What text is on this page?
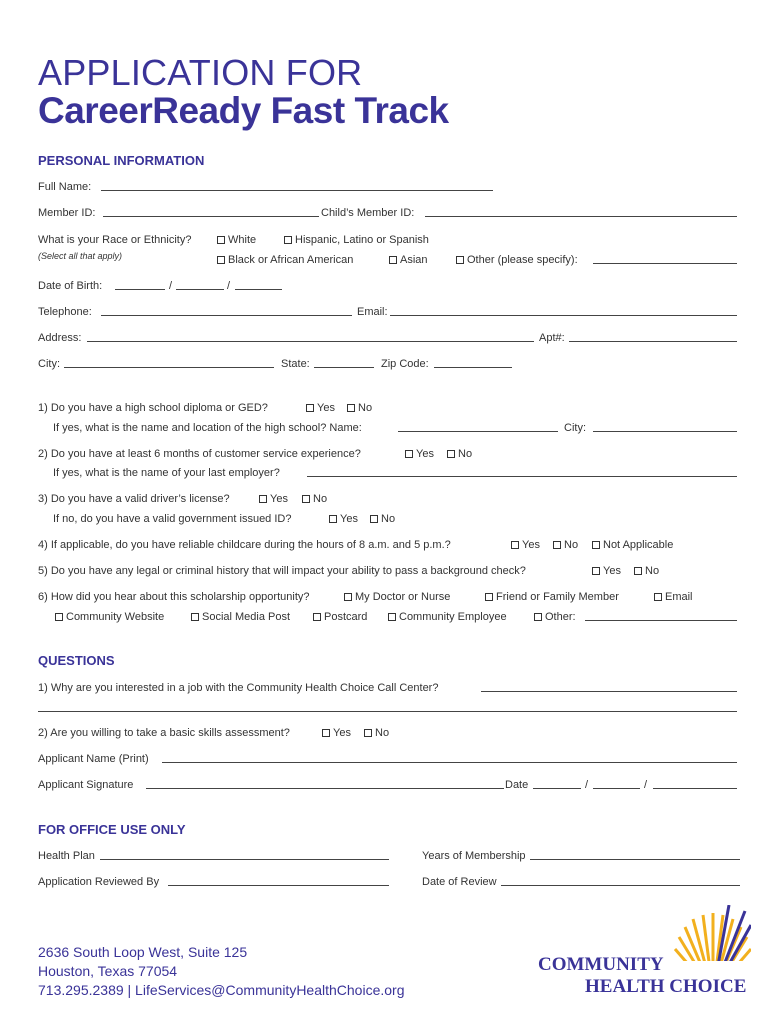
APPLICATION FOR
CareerReady Fast Track
PERSONAL INFORMATION
Full Name:
Member ID:	Child’s Member ID:
What is your Race or Ethnicity?
(Select all that apply)
White	Hispanic, Latino or Spanish
Black or African American	Asian	Other (please specify):
Date of Birth:	/	/
Telephone:	Email:
Address:	Apt#:
City:	State:	Zip Code:
1) Do you have a high school diploma or GED?	Yes	No
If yes, what is the name and location of the high school? Name:	City:
2) Do you have at least 6 months of customer service experience?	Yes	No
If yes, what is the name of your last employer?
3) Do you have a valid driver’s license?	Yes	No
If no, do you have a valid government issued ID?	Yes	No
4) If applicable, do you have reliable childcare during the hours of 8 a.m. and 5 p.m.?	Yes	No	Not Applicable
5) Do you have any legal or criminal history that will impact your ability to pass a background check?	Yes	No
6) How did you hear about this scholarship opportunity?	My Doctor or Nurse	Friend or Family Member	Email
Community Website	Social Media Post	Postcard	Community Employee	Other:
QUESTIONS
1) Why are you interested in a job with the Community Health Choice Call Center?
2) Are you willing to take a basic skills assessment?	Yes	No
Applicant Name (Print)
Applicant Signature	Date	/	/
FOR OFFICE USE ONLY
Health Plan	Years of Membership
Application Reviewed By	Date of Review
2636 South Loop West, Suite 125
Houston, Texas 77054
713.295.2389 | LifeServices@CommunityHealthChoice.org
COMMUNITY
HEALTH CHOICE
